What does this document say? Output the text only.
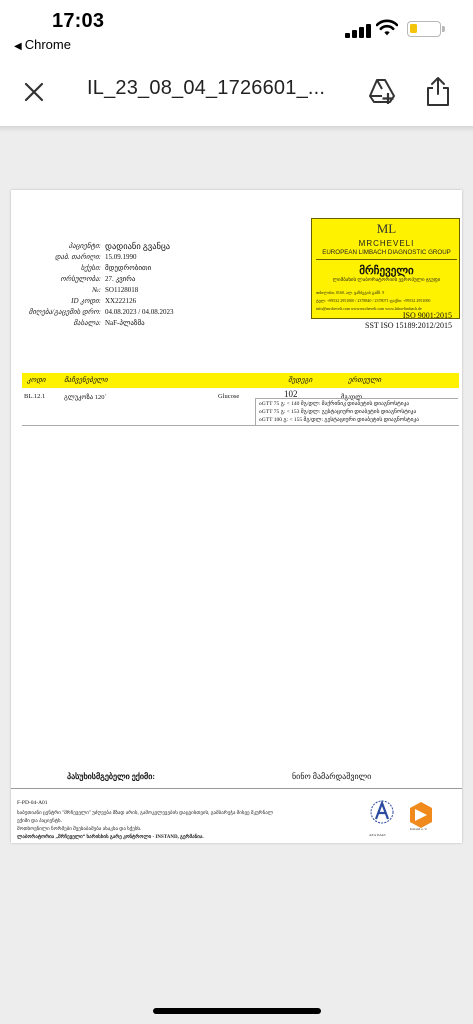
17:03
◀ Chrome
IL_23_08_04_1726601_...
პაციენტი: დადიანი გვანცა
დაბ. თარიღი: 15.09.1990
სქესი: მდედრობითი
ორსულობა: 27. კვირა
№: SO1128018
ID კოდი: XX222126
მიღება/გაცემის დრო: 04.08.2023 / 04.08.2023
მასალა: NaF-პლაზმა
ML
MRCHEVELI
EUROPEAN LIMBACH DIAGNOSTIC GROUP
მრჩეველი
ლიმბახის ლაბორატორიის ევროპული ჯგუფი
თბილისი, 0160, ალ. ყაზბეგის გამზ. 9
ტელ: +99532 2951000 / 2378840 / 2378071 ფაქსი: +99532 2951000
info@mrcheveli.com www.mrcheveli.com www.labor-limbach.de
ISO 9001:2015
SST ISO 15189:2012/2015
კოდი	მაჩვენებელი	შედეგი	ერთეული
BL.12.1	გლუკოზა 120`	Glucose	102	მგ/დლ
oGTT 75 გ: < 140 მგ/დლ: მაქრინიკ დიაბეტის დიაგნოსტიკა
oGTT 75 გ: < 153 მგ/დლ: გესტაციური დიაბეტის დიაგნოსტიკა
oGTT 100 გ: < 155 მგ/დლ: გესტაციური დიაბეტის დიაგნოსტიკა
პასუხისმგებელი ექიმი:	ნინო მამარდაშვილი
F-PD-04-A01
საბუთიანი ცენტრი "მრჩეველი" უძღვება მზად არის, გამოკვლევების დაცვისთვის, გამბარეჭა მისვე მკურნალ
ექიმი და პაციენტს.
მოთხოვნილი ნორმები შეესაბამება ასაკსა და სქესს.
ლაბორატორია „მრჩეველი“ ხარისხის გარე კონტროლი - INSTAND, გერმანია.	AEA DAkS
Instand e. V.
